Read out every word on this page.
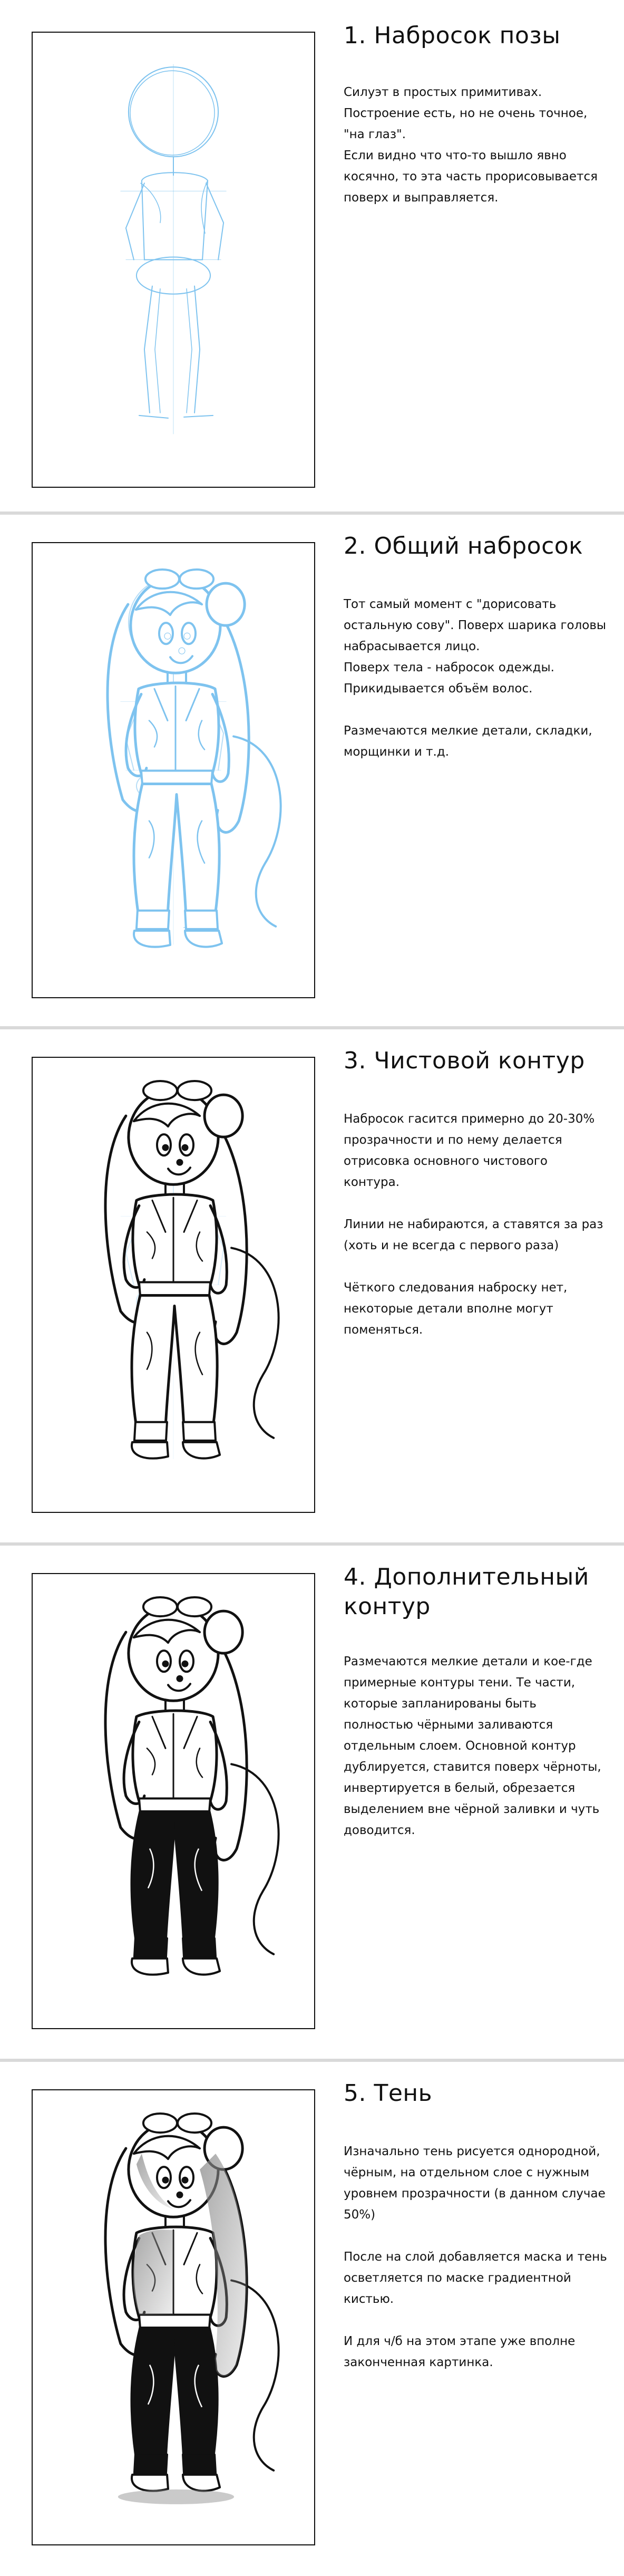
1. Набросок позы

Силуэт в простых примитивах. Построение есть, но не очень точное, "на глаз".
Если видно что что-то вышло явно косячно, то эта часть прорисовывается поверх и выправляется.

2. Общий набросок

Тот самый момент с "дорисовать остальную сову". Поверх шарика головы набрасывается лицо.
Поверх тела - набросок одежды. Прикидывается объём волос.

Размечаются мелкие детали, складки, морщинки и т.д.

3. Чистовой контур

Набросок гасится примерно до 20-30% прозрачности и по нему делается отрисовка основного чистового контура.

Линии не набираются, а ставятся за раз (хоть и не всегда с первого раза)

Чёткого следования наброску нет, некоторые детали вполне могут поменяться.

4. Дополнительный контур

Размечаются мелкие детали и кое-где примерные контуры тени. Те части, которые запланированы быть полностью чёрными заливаются отдельным слоем. Основной контур дублируется, ставится поверх чёрноты, инвертируется в белый, обрезается выделением вне чёрной заливки и чуть доводится.

5. Тень

Изначально тень рисуется однородной, чёрным, на отдельном слое с нужным уровнем прозрачности (в данном случае 50%)

После на слой добавляется маска и тень осветляется по маске градиентной кистью.

И для ч/б на этом этапе уже вполне законченная картинка.
